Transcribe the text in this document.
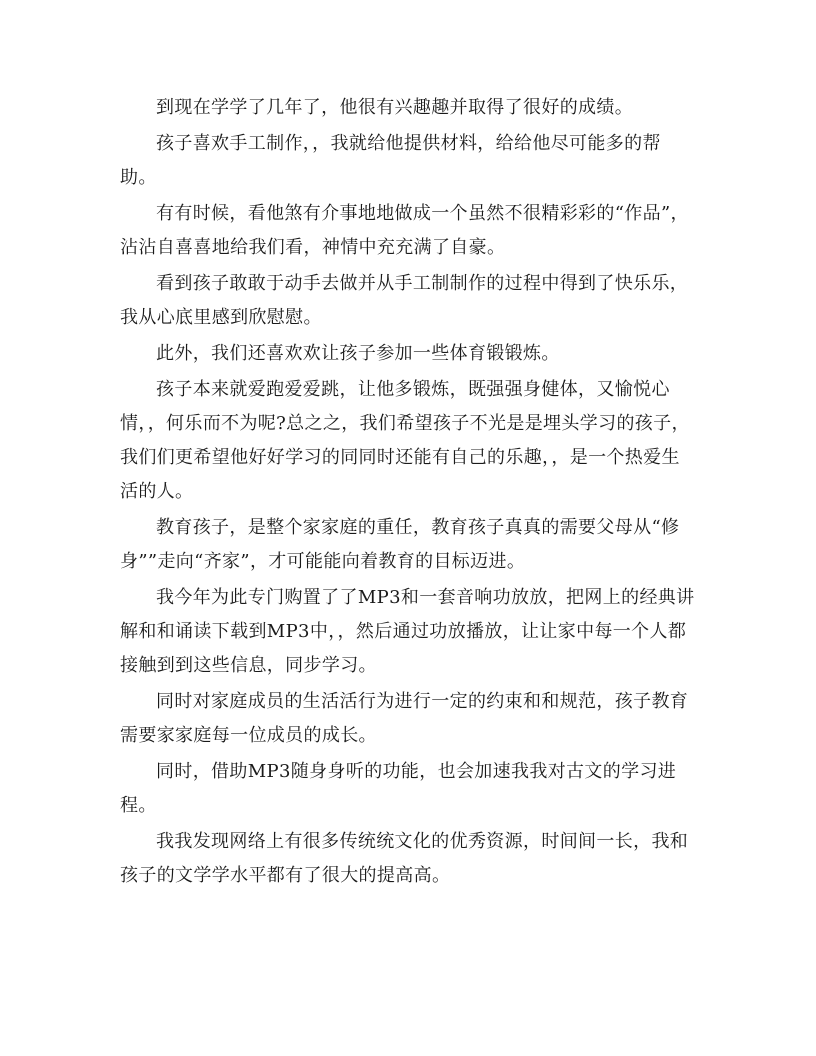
到现在学学了几年了，他很有兴趣趣并取得了很好的成绩。

孩子喜欢手工制作，，我就给他提供材料，给给他尽可能多的帮助。

有有时候，看他煞有介事地地做成一个虽然不很精彩彩的“作品”，沾沾自喜喜地给我们看，神情中充充满了自豪。

看到孩子敢敢于动手去做并从手工制制作的过程中得到了快乐乐，我从心底里感到欣慰慰。

此外，我们还喜欢欢让孩子参加一些体育锻锻炼。

孩子本来就爱跑爱爱跳，让他多锻炼，既强强身健体，又愉悦心情，，何乐而不为呢?总之之，我们希望孩子不光是是埋头学习的孩子，我们们更希望他好好学习的同同时还能有自己的乐趣，，是一个热爱生活的人。

教育孩子，是整个家家庭的重任，教育孩子真真的需要父母从“修身””走向“齐家”，才可能能向着教育的目标迈进。

我今年为此专门购置了了MP3和一套音响功放放，把网上的经典讲解和和诵读下载到MP3中，，然后通过功放播放，让让家中每一个人都接触到到这些信息，同步学习。

同时对家庭成员的生活活行为进行一定的约束和和规范，孩子教育需要家家庭每一位成员的成长。

同时，借助MP3随身身听的功能，也会加速我我对古文的学习进程。

我我发现网络上有很多传统统文化的优秀资源，时间间一长，我和孩子的文学学水平都有了很大的提高高。
